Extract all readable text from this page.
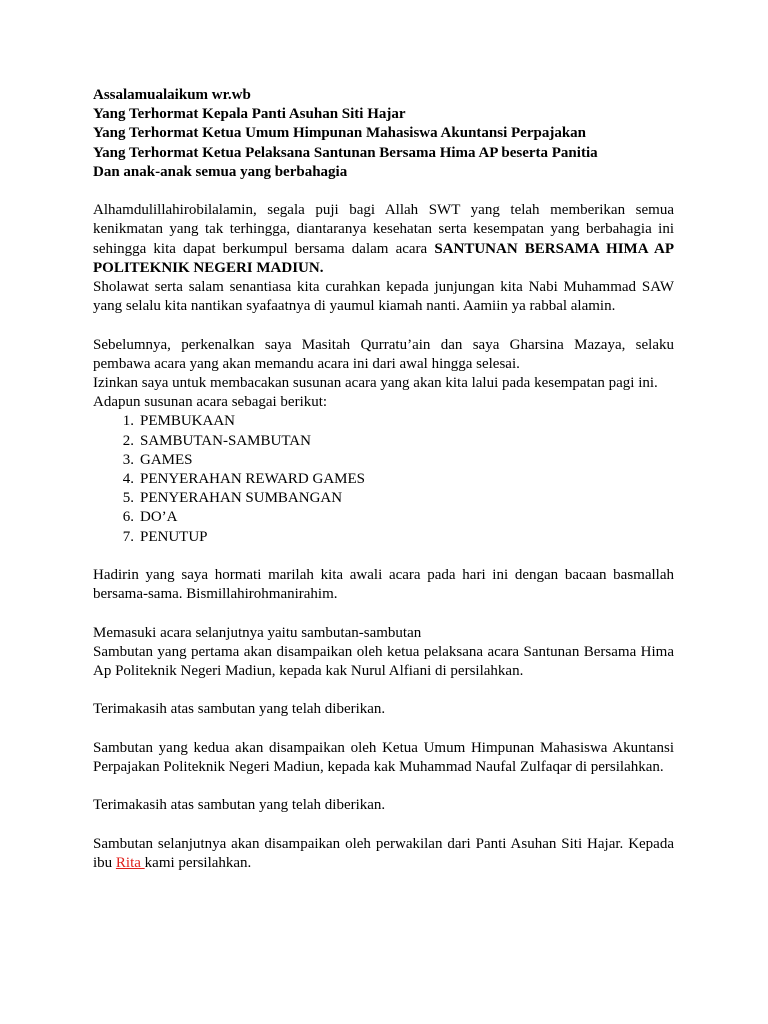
Assalamualaikum wr.wb

Yang Terhormat Kepala Panti Asuhan Siti Hajar

Yang Terhormat Ketua Umum Himpunan Mahasiswa Akuntansi Perpajakan

Yang Terhormat Ketua Pelaksana Santunan Bersama Hima AP beserta Panitia

Dan anak-anak semua yang berbahagia

Alhamdulillahirobilalamin, segala puji bagi Allah SWT yang telah memberikan semua kenikmatan yang tak terhingga, diantaranya kesehatan serta kesempatan yang berbahagia ini sehingga kita dapat berkumpul bersama dalam acara SANTUNAN BERSAMA HIMA AP POLITEKNIK NEGERI MADIUN.

Sholawat serta salam senantiasa kita curahkan kepada junjungan kita Nabi Muhammad SAW yang selalu kita nantikan syafaatnya di yaumul kiamah nanti. Aamiin ya rabbal alamin.

Sebelumnya, perkenalkan saya Masitah Qurratu’ain dan saya Gharsina Mazaya, selaku pembawa acara yang akan memandu acara ini dari awal hingga selesai.

Izinkan saya untuk membacakan susunan acara yang akan kita lalui pada kesempatan pagi ini.

Adapun susunan acara sebagai berikut:

1. PEMBUKAAN
2. SAMBUTAN-SAMBUTAN
3. GAMES
4. PENYERAHAN REWARD GAMES
5. PENYERAHAN SUMBANGAN
6. DO’A
7. PENUTUP

Hadirin yang saya hormati marilah kita awali acara pada hari ini dengan bacaan basmallah bersama-sama. Bismillahirohmanirahim.

Memasuki acara selanjutnya yaitu sambutan-sambutan

Sambutan yang pertama akan disampaikan oleh ketua pelaksana acara Santunan Bersama Hima Ap Politeknik Negeri Madiun, kepada kak Nurul Alfiani di persilahkan.

Terimakasih atas sambutan yang telah diberikan.

Sambutan yang kedua akan disampaikan oleh Ketua Umum Himpunan Mahasiswa Akuntansi Perpajakan Politeknik Negeri Madiun, kepada kak Muhammad Naufal Zulfaqar di persilahkan.

Terimakasih atas sambutan yang telah diberikan.

Sambutan selanjutnya akan disampaikan oleh perwakilan dari Panti Asuhan Siti Hajar. Kepada ibu Rita kami persilahkan.
